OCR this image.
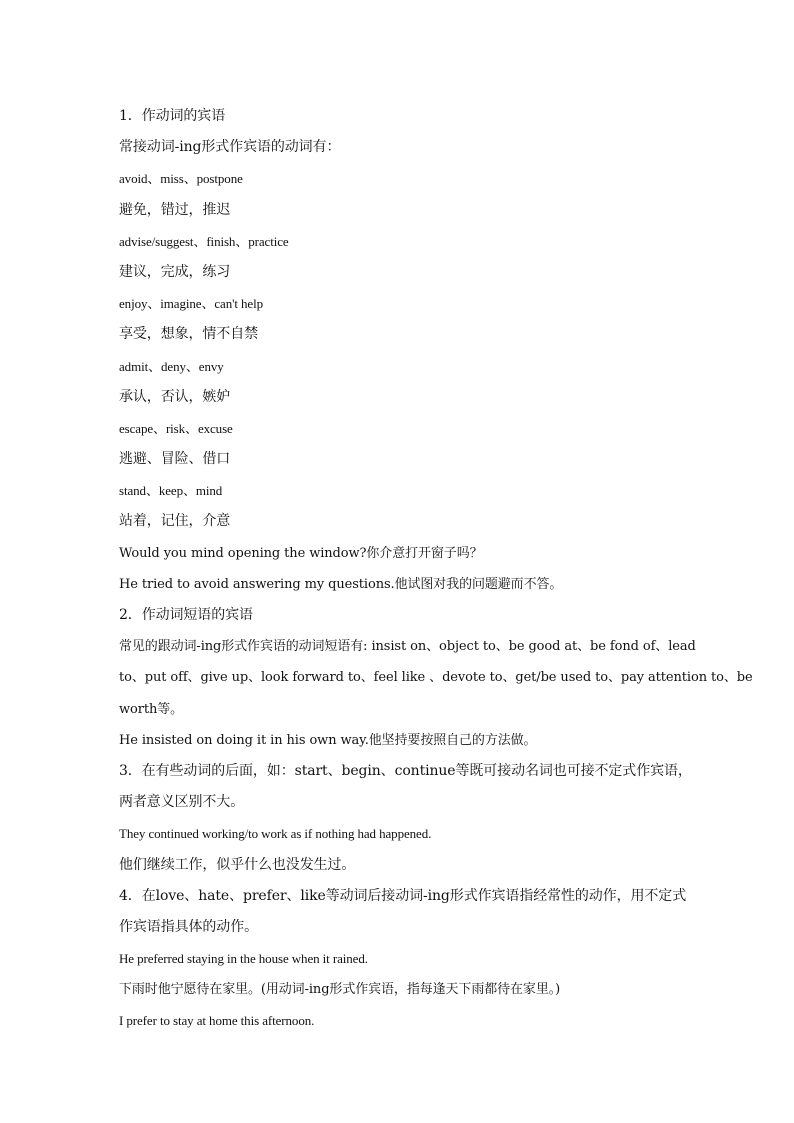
1．作动词的宾语
常接动词-ing形式作宾语的动词有：
avoid、miss、postpone
避免，错过，推迟
advise/suggest、finish、practice
建议，完成，练习
enjoy、imagine、can't help
享受，想象，情不自禁
admit、deny、envy
承认，否认，嫉妒
escape、risk、excuse
逃避、冒险、借口
stand、keep、mind
站着，记住，介意
Would you mind opening the window?你介意打开窗子吗？
He tried to avoid answering my questions.他试图对我的问题避而不答。
2．作动词短语的宾语
常见的跟动词-ing形式作宾语的动词短语有: insist on、object to、be good at、be fond of、lead
to、put off、give up、look forward to、feel like 、devote to、get/be used to、pay attention to、be
worth等。
He insisted on doing it in his own way.他坚持要按照自己的方法做。
3．在有些动词的后面，如：start、begin、continue等既可接动名词也可接不定式作宾语，
两者意义区别不大。
They continued working/to work as if nothing had happened.
他们继续工作，似乎什么也没发生过。
4．在love、hate、prefer、like等动词后接动词-ing形式作宾语指经常性的动作，用不定式
作宾语指具体的动作。
He preferred staying in the house when it rained.
下雨时他宁愿待在家里。(用动词-ing形式作宾语，指每逢天下雨都待在家里。)
I prefer to stay at home this afternoon.
